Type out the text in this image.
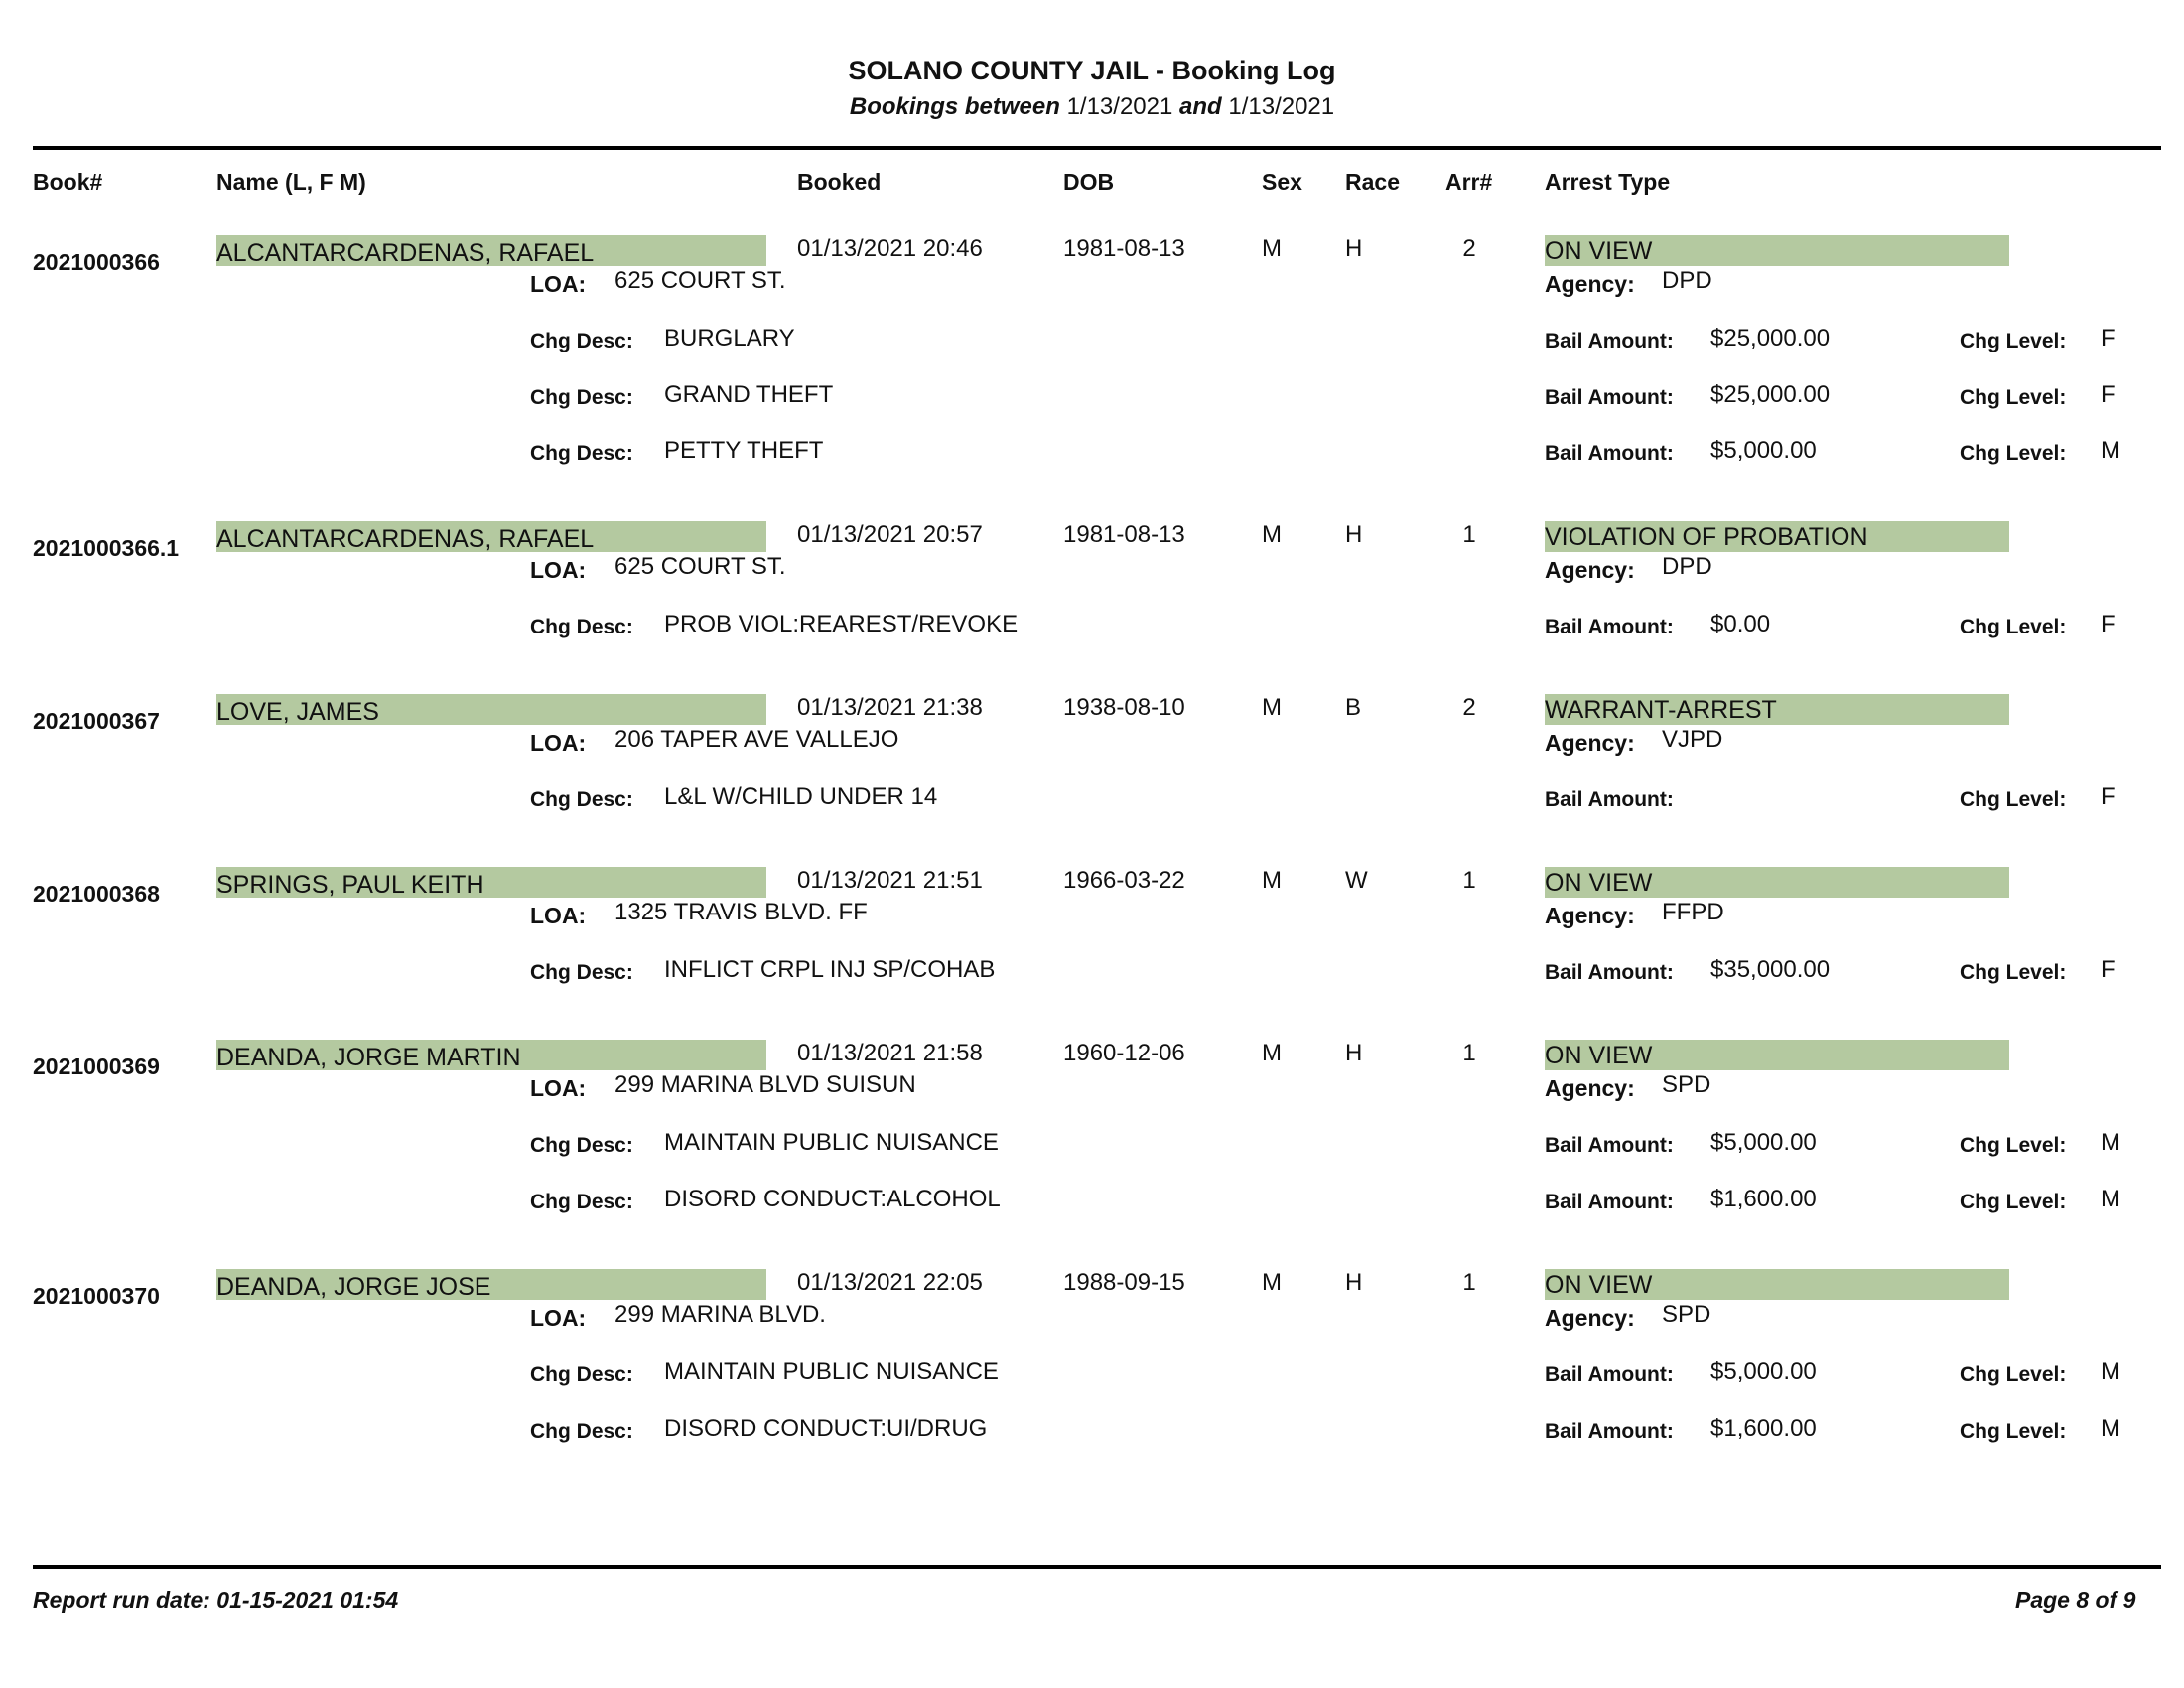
SOLANO COUNTY JAIL - Booking Log
Bookings between 1/13/2021 and 1/13/2021
Book#	Name (L, F M)	Booked	DOB	Sex Race Arr# Arrest Type
2021000366 ALCANTARCARDENAS, RAFAEL	01/13/2021 20:46	1981-08-13	M	H	2	ON VIEW
LOA: 625 COURT ST.	Agency: DPD
Chg Desc: BURGLARY	Bail Amount: $25,000.00	Chg Level: F
Chg Desc: GRAND THEFT	Bail Amount: $25,000.00	Chg Level: F
Chg Desc: PETTY THEFT	Bail Amount: $5,000.00	Chg Level: M
2021000366.1 ALCANTARCARDENAS, RAFAEL	01/13/2021 20:57	1981-08-13	M	H	1	VIOLATION OF PROBATION
LOA: 625 COURT ST.	Agency: DPD
Chg Desc: PROB VIOL:REAREST/REVOKE	Bail Amount: $0.00	Chg Level: F
2021000367 LOVE, JAMES	01/13/2021 21:38	1938-08-10	M	B	2	WARRANT-ARREST
LOA: 206 TAPER AVE VALLEJO	Agency: VJPD
Chg Desc: L&L W/CHILD UNDER 14	Bail Amount:	Chg Level: F
2021000368 SPRINGS, PAUL KEITH	01/13/2021 21:51	1966-03-22	M	W	1	ON VIEW
LOA: 1325 TRAVIS BLVD. FF	Agency: FFPD
Chg Desc: INFLICT CRPL INJ SP/COHAB	Bail Amount: $35,000.00	Chg Level: F
2021000369 DEANDA, JORGE MARTIN	01/13/2021 21:58	1960-12-06	M	H	1	ON VIEW
LOA: 299 MARINA BLVD SUISUN	Agency: SPD
Chg Desc: MAINTAIN PUBLIC NUISANCE	Bail Amount: $5,000.00	Chg Level: M
Chg Desc: DISORD CONDUCT:ALCOHOL	Bail Amount: $1,600.00	Chg Level: M
2021000370 DEANDA, JORGE JOSE	01/13/2021 22:05	1988-09-15	M	H	1	ON VIEW
LOA: 299 MARINA BLVD.	Agency: SPD
Chg Desc: MAINTAIN PUBLIC NUISANCE	Bail Amount: $5,000.00	Chg Level: M
Chg Desc: DISORD CONDUCT:UI/DRUG	Bail Amount: $1,600.00	Chg Level: M
Report run date: 01-15-2021 01:54	Page 8 of 9
